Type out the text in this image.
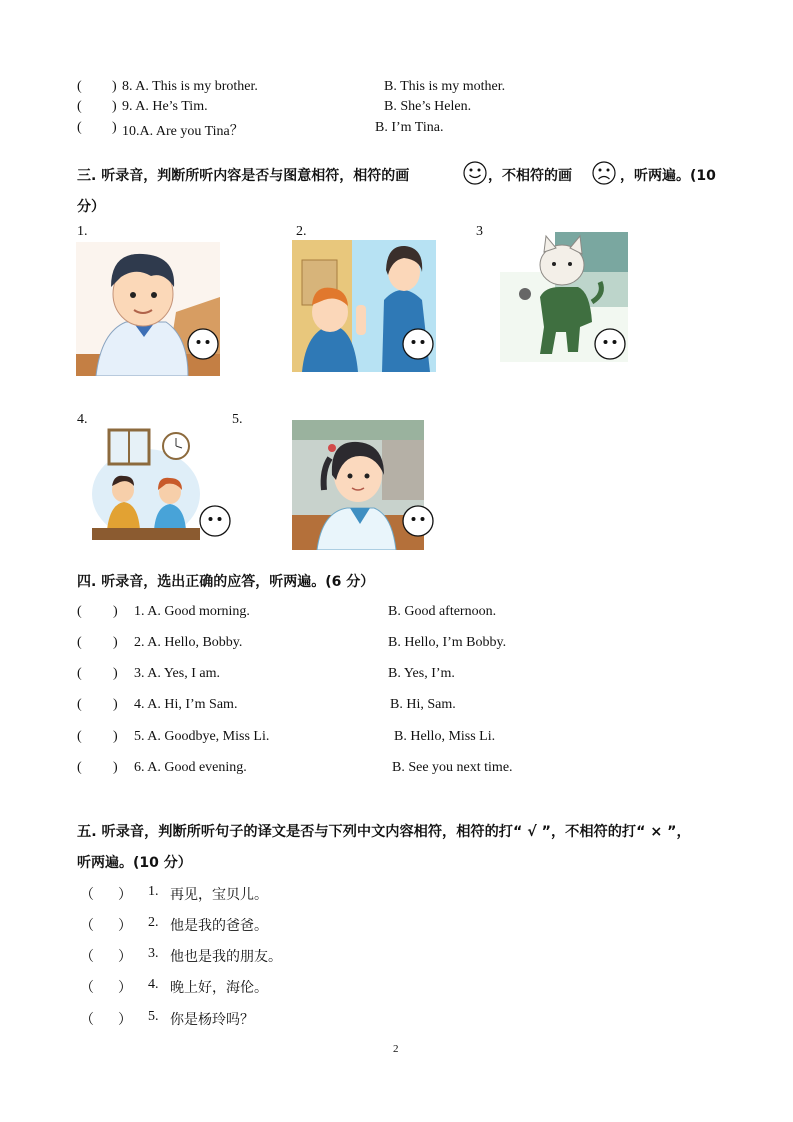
( ) 8. A. This is my brother.	B. This is my mother.
( ) 9. A. He’s Tim.	B. She’s Helen.
( ) 10.A. Are you Tina？	B. I’m Tina.
三. 听录音，判断所听内容是否与图意相符，相符的画	，不相符的画	，听两遍。(10
分）
1.	2.	3
4.	5.
四. 听录音，选出正确的应答，听两遍。(6 分）
( ) 1. A. Good morning.	B. Good afternoon.
( ) 2. A. Hello, Bobby.	B. Hello, I’m Bobby.
( ) 3. A. Yes, I am.	B. Yes, I’m.
( ) 4. A. Hi, I’m Sam.	B. Hi, Sam.
( ) 5. A. Goodbye, Miss Li.	B. Hello, Miss Li.
( ) 6. A. Good evening.	B. See you next time.
五. 听录音，判断所听句子的译文是否与下列中文内容相符，相符的打“ √ ”，不相符的打“ × ”，
听两遍。(10 分）
（ ） 1. 再见，宝贝儿。
（ ） 2. 他是我的爸爸。
（ ） 3. 他也是我的朋友。
（ ） 4. 晚上好，海伦。
（ ） 5. 你是杨玲吗？
2
